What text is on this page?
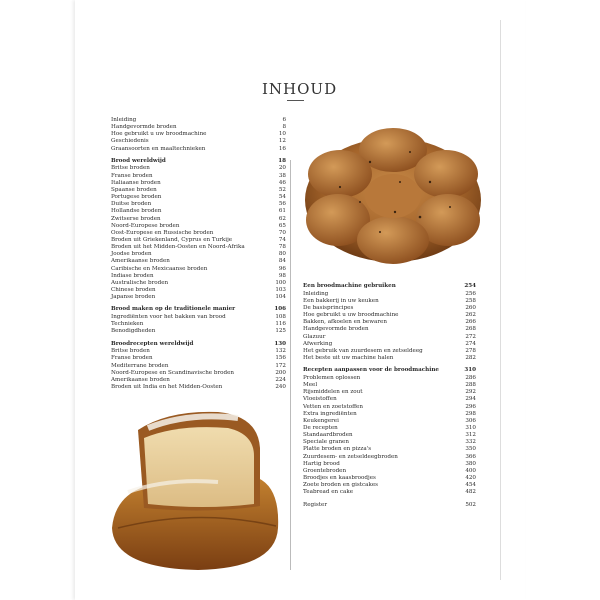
INHOUD
Inleiding	6
Handgevormde broden	8
Hoe gebruikt u uw broodmachine	10
Geschiedenis	12
Graansoorten en maaltechnieken	16
Brood wereldwijd	18
Britse broden	20
Franse broden	38
Italiaanse broden	46
Spaanse broden	52
Portugese broden	54
Duitse broden	56
Hollandse broden	61
Zwitserse broden	62
Noord-Europese broden	65
Oost-Europese en Russische broden	70
Broden uit Griekenland, Cyprus en Turkije	74
Broden uit het Midden-Oosten en Noord-Afrika	78
Joodse broden	80
Amerikaanse broden	84
Caribische en Mexicaanse broden	96
Indiase broden	98
Australische broden	100
Chinese broden	103
Japanse broden	104
Brood maken op de traditionele manier	106
Ingrediënten voor het bakken van brood	108
Technieken	116
Benodigdheden	125
Broodrecepten wereldwijd	130
Britse broden	132
Franse broden	156
Mediterrane broden	172
Noord-Europese en Scandinavische broden	200
Amerikaanse broden	224
Broden uit India en het Midden-Oosten	240
Een broodmachine gebruiken	254
Inleiding	256
Een bakkerij in uw keuken	258
De basisprincipes	260
Hoe gebruikt u uw broodmachine	262
Bakken, afkoelen en bewaren	266
Handgevormde broden	268
Glazuur	272
Afwerking	274
Het gebruik van zuurdesem en zetseldeeg	278
Het beste uit uw machine halen	282
Recepten aanpassen voor de broodmachine	310
Problemen oplossen	286
Meel	288
Rijsmiddelen en zout	292
Vloeistoffen	294
Vetten en zoetstoffen	296
Extra ingrediënten	298
Keukengerei	306
De recepten	310
Standaardbroden	312
Speciale granen	332
Platte broden en pizza's	350
Zuurdesem- en zetseldeegbroden	366
Hartig brood	380
Groentebroden	400
Broodjes en kaasbroodjes	420
Zoete broden en gistcakes	454
Teabread en cake	482
Register	502
